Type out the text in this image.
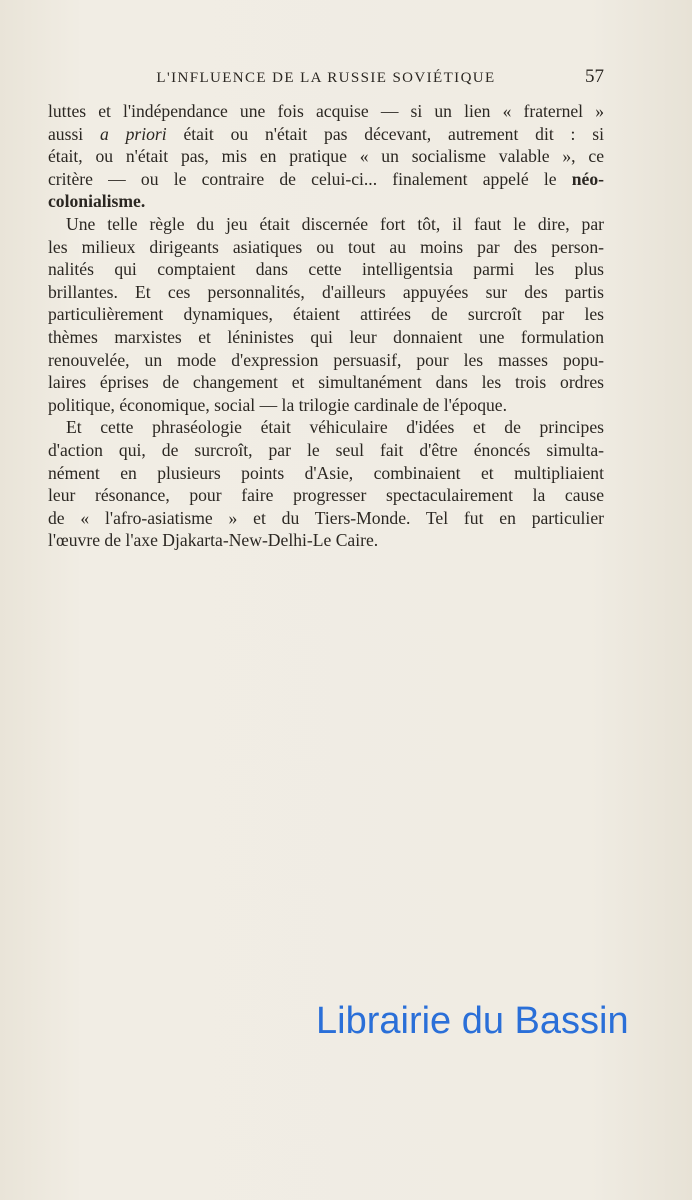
L'INFLUENCE DE LA RUSSIE SOVIÉTIQUE	57
luttes et l'indépendance une fois acquise — si un lien « fraternel »
aussi a priori était ou n'était pas décevant, autrement dit : si
était, ou n'était pas, mis en pratique « un socialisme valable », ce
critère — ou le contraire de celui-ci... finalement appelé le néo-
colonialisme.
Une telle règle du jeu était discernée fort tôt, il faut le dire, par
les milieux dirigeants asiatiques ou tout au moins par des person-
nalités qui comptaient dans cette intelligentsia parmi les plus
brillantes. Et ces personnalités, d'ailleurs appuyées sur des partis
particulièrement dynamiques, étaient attirées de surcroît par les
thèmes marxistes et léninistes qui leur donnaient une formulation
renouvelée, un mode d'expression persuasif, pour les masses popu-
laires éprises de changement et simultanément dans les trois ordres
politique, économique, social — la trilogie cardinale de l'époque.
Et cette phraséologie était véhiculaire d'idées et de principes
d'action qui, de surcroît, par le seul fait d'être énoncés simulta-
nément en plusieurs points d'Asie, combinaient et multipliaient
leur résonance, pour faire progresser spectaculairement la cause
de « l'afro-asiatisme » et du Tiers-Monde. Tel fut en particulier
l'œuvre de l'axe Djakarta-New-Delhi-Le Caire.
Librairie du Bassin
